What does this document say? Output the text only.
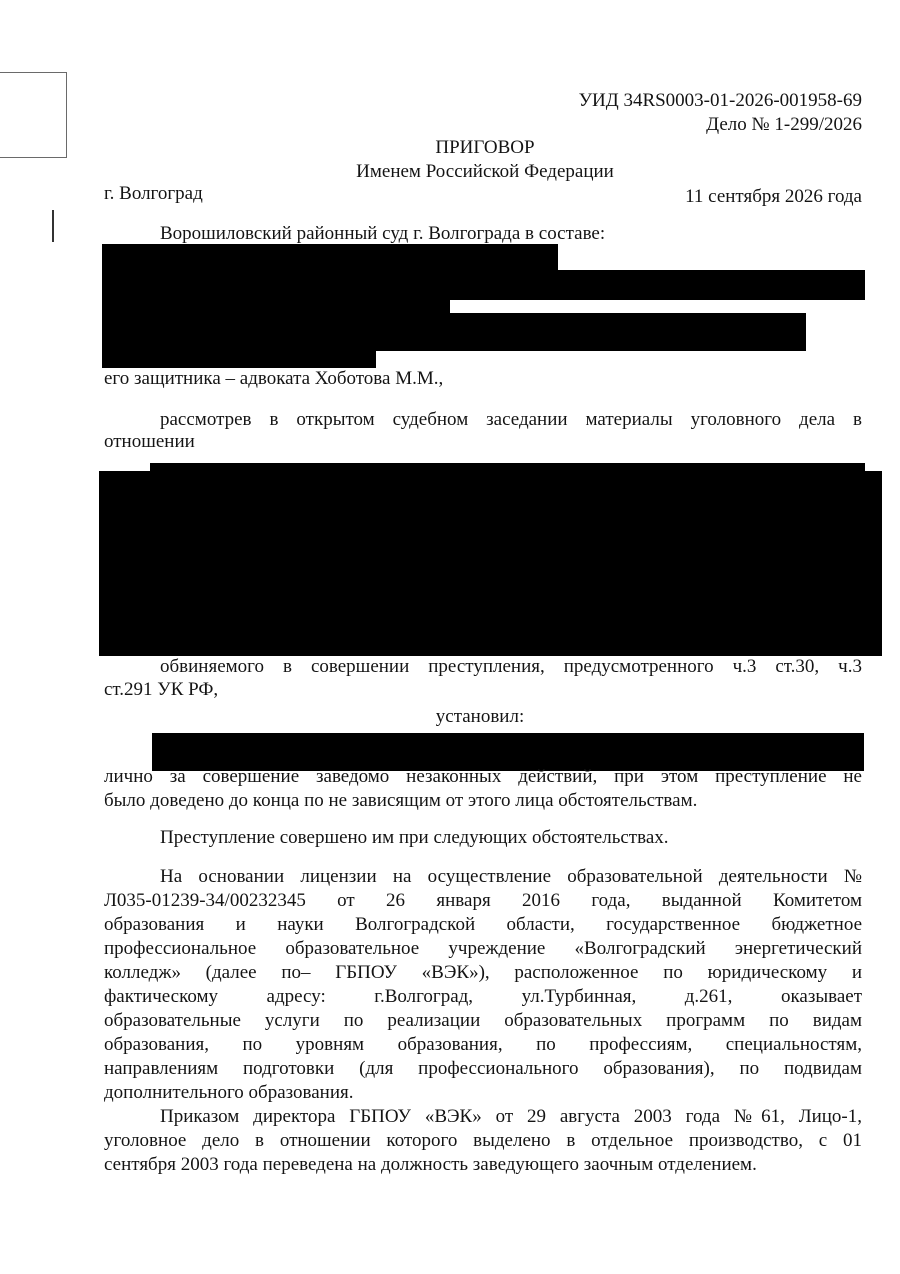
УИД 34RS0003-01-2026-001958-69
Дело № 1-299/2026
ПРИГОВОР
Именем Российской Федерации
г. Волгоград	11 сентября 2026 года
Ворошиловский районный суд г. Волгограда в составе:
его защитника – адвоката Хоботова М.М.,
рассмотрев в открытом судебном заседании материалы уголовного дела в
отношении
обвиняемого в совершении преступления, предусмотренного ч.3 ст.30, ч.3
ст.291 УК РФ,
установил:
лично за совершение заведомо незаконных действий, при этом преступление не
было доведено до конца по не зависящим от этого лица обстоятельствам.
Преступление совершено им при следующих обстоятельствах.
На основании лицензии на осуществление образовательной деятельности №
Л035-01239-34/00232345 от 26 января 2016 года, выданной Комитетом
образования и науки Волгоградской области, государственное бюджетное
профессиональное образовательное учреждение «Волгоградский энергетический
колледж» (далее по– ГБПОУ «ВЭК»), расположенное по юридическому и
фактическому адресу: г.Волгоград, ул.Турбинная, д.261, оказывает
образовательные услуги по реализации образовательных программ по видам
образования, по уровням образования, по профессиям, специальностям,
направлениям подготовки (для профессионального образования), по подвидам
дополнительного образования.
Приказом директора ГБПОУ «ВЭК» от 29 августа 2003 года №61, Лицо-1,
уголовное дело в отношении которого выделено в отдельное производство, с 01
сентября 2003 года переведена на должность заведующего заочным отделением.
